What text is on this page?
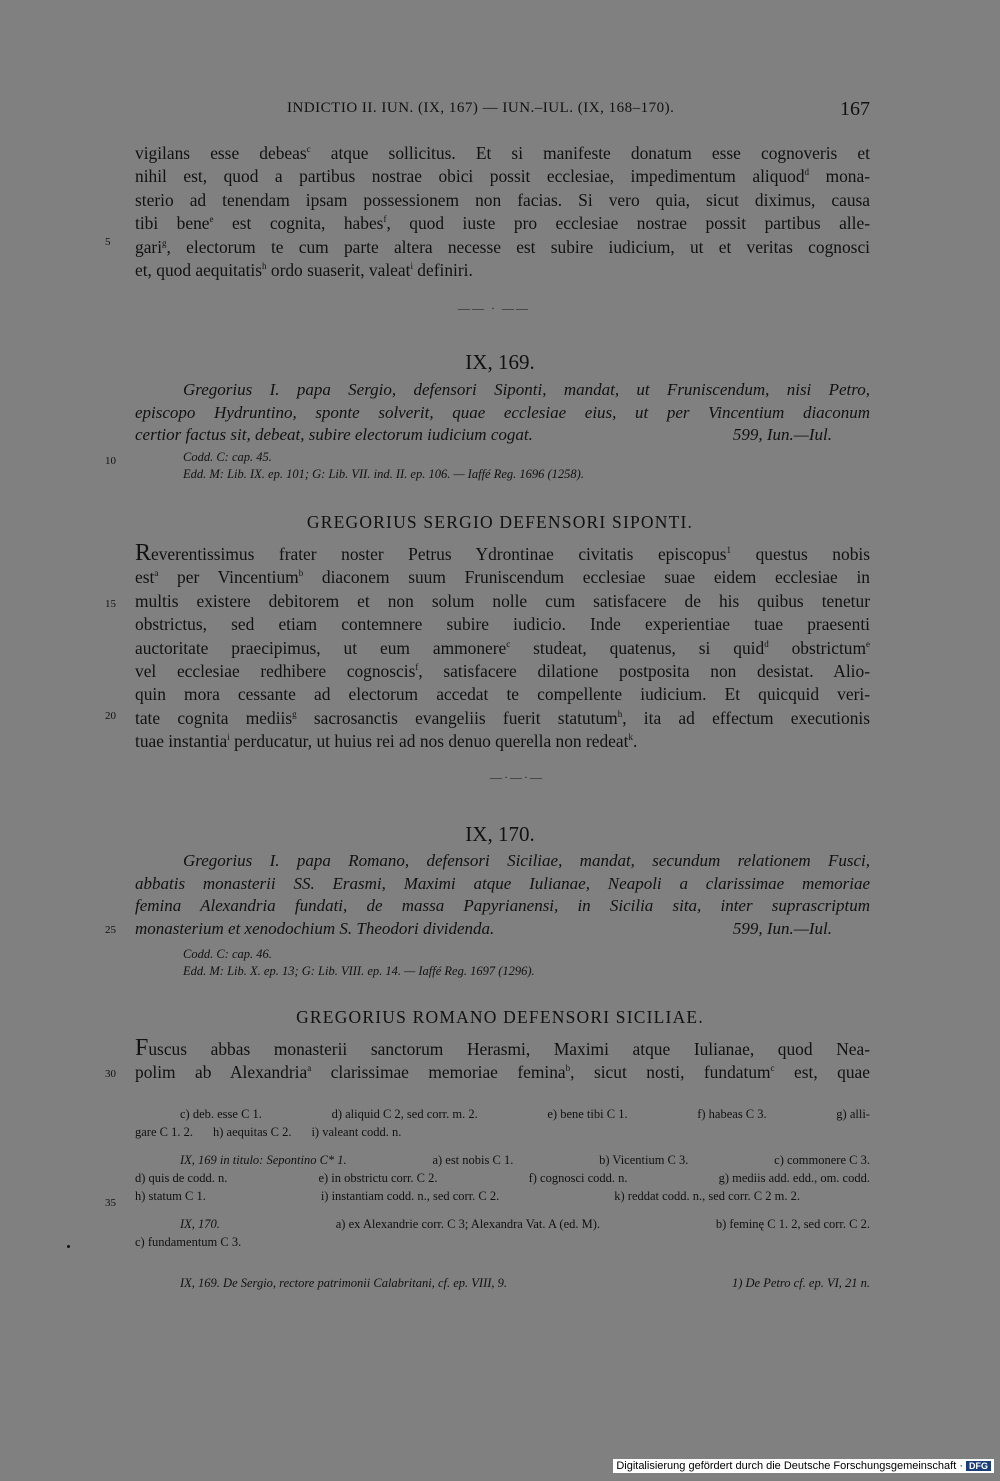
INDICTIO II. IUN. (IX, 167) — IUN.–IUL. (IX, 168–170).	167
vigilans esse debeas$^c$ atque sollicitus. Et si manifeste donatum esse cognoveris et
nihil est, quod a partibus nostrae obici possit ecclesiae, impedimentum aliquod$^d$ mona-
sterio ad tenendam ipsam possessionem non facias. Si vero quia, sicut diximus, causa
tibi bene$^e$ est cognita, habes$^f$, quod iuste pro ecclesiae nostrae possit partibus alle-
gari$^g$, electorum te cum parte altera necesse est subire iudicium, ut et veritas cognosci
et, quod aequitatis$^h$ ordo suaserit, valeat$^i$ definiri.
5
10
15
20
25
30
35
—— · ——
IX, 169.
Gregorius I. papa Sergio, defensori Siponti, mandat, ut Fruniscendum, nisi Petro,
episcopo Hydruntino, sponte solverit, quae ecclesiae eius, ut per Vincentium diaconum
certior factus sit, debeat, subire electorum iudicium cogat.	599, Iun.—Iul.
Codd. C: cap. 45.
Edd. M: Lib. IX. ep. 101; G: Lib. VII. ind. II. ep. 106. — Iaffé Reg. 1696 (1258).
GREGORIUS SERGIO DEFENSORI SIPONTI.
Reverentissimus frater noster Petrus Ydrontinae civitatis episcopus$^1$ questus nobis
est$^a$ per Vincentium$^b$ diaconem suum Fruniscendum ecclesiae suae eidem ecclesiae in
multis existere debitorem et non solum nolle cum satisfacere de his quibus tenetur
obstrictus, sed etiam contemnere subire iudicio. Inde experientiae tuae praesenti
auctoritate praecipimus, ut eum ammonere$^c$ studeat, quatenus, si quid$^d$ obstrictum$^e$
vel ecclesiae redhibere cognoscis$^f$, satisfacere dilatione postposita non desistat. Alio-
quin mora cessante ad electorum accedat te compellente iudicium. Et quicquid veri-
tate cognita mediis$^g$ sacrosanctis evangeliis fuerit statutum$^h$, ita ad effectum executionis
tuae instantia$^i$ perducatur, ut huius rei ad nos denuo querella non redeat$^k$.
—·—·—
IX, 170.
Gregorius I. papa Romano, defensori Siciliae, mandat, secundum relationem Fusci,
abbatis monasterii SS. Erasmi, Maximi atque Iulianae, Neapoli a clarissimae memoriae
femina Alexandria fundati, de massa Papyrianensi, in Sicilia sita, inter suprascriptum
monasterium et xenodochium S. Theodori dividenda.	599, Iun.—Iul.
Codd. C: cap. 46.
Edd. M: Lib. X. ep. 13; G: Lib. VIII. ep. 14. — Iaffé Reg. 1697 (1296).
GREGORIUS ROMANO DEFENSORI SICILIAE.
Fuscus abbas monasterii sanctorum Herasmi, Maximi atque Iulianae, quod Nea-
polim ab Alexandria$^a$ clarissimae memoriae femina$^b$, sicut nosti, fundatum$^c$ est, quae
c) deb. esse C 1.	d) aliquid C 2, sed corr. m. 2.	e) bene tibi C 1.	f) habeas C 3.	g) alli-
gare C 1. 2. h) aequitas C 2. i) valeant codd. n.
IX, 169 in titulo: Sepontino C* 1.	a) est nobis C 1.	b) Vicentium C 3.	c) commonere C 3.
d) quis de codd. n.	e) in obstrictu corr. C 2.	f) cognosci codd. n.	g) mediis add. edd., om. codd.
h) statum C 1.	i) instantiam codd. n., sed corr. C 2.	k) reddat codd. n., sed corr. C 2 m. 2.
IX, 170.	a) ex Alexandrie corr. C 3; Alexandra Vat. A (ed. M).	b) feminę C 1. 2, sed corr. C 2.
c) fundamentum C 3.
IX, 169. De Sergio, rectore patrimonii Calabritani, cf. ep. VIII, 9.	1) De Petro cf. ep. VI, 21 n.
Digitalisierung gefördert durch die Deutsche Forschungsgemeinschaft · DFG
